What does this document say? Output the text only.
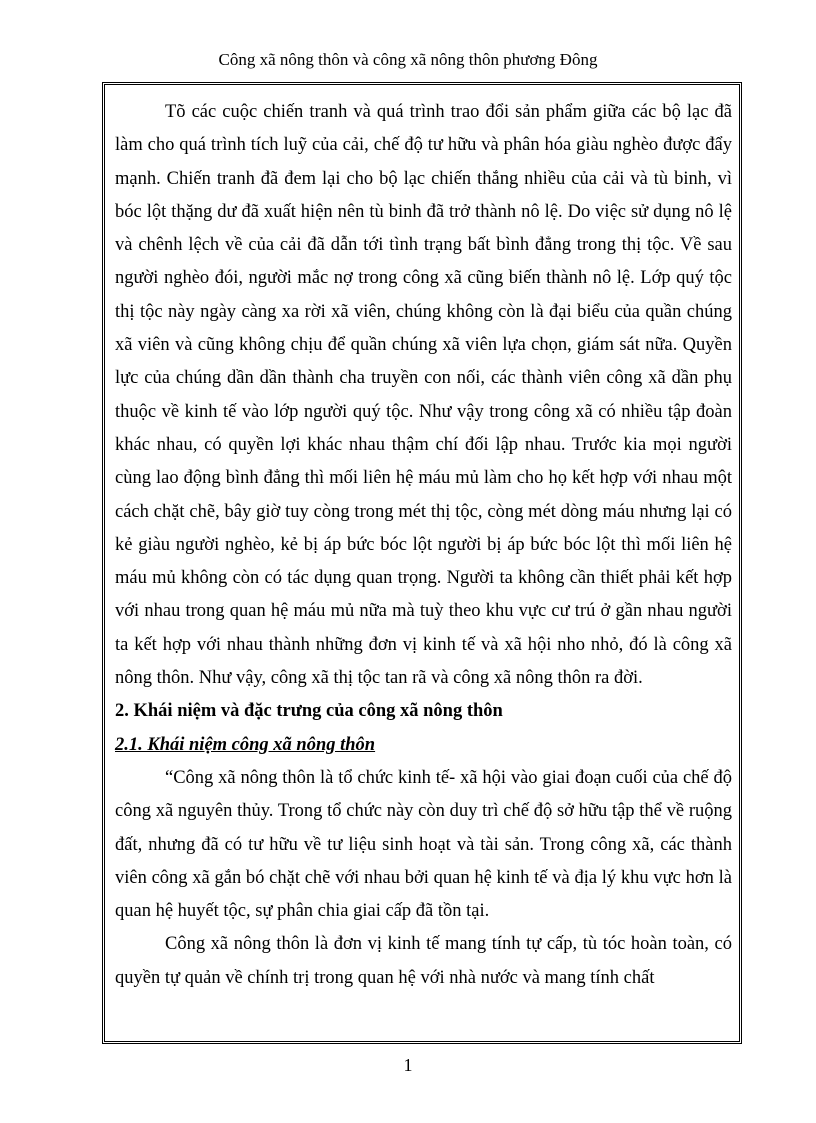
Công xã nông thôn và công xã nông thôn phương Đông

Tõ các cuộc chiến tranh và quá trình trao đổi sản phẩm giữa các bộ lạc đã làm cho quá trình tích luỹ của cải, chế độ tư hữu và phân hóa giàu nghèo được đẩy mạnh. Chiến tranh đã đem lại cho bộ lạc chiến thắng nhiều của cải và tù binh, vì bóc lột thặng dư đã xuất hiện nên tù binh đã trở thành nô lệ. Do việc sử dụng nô lệ và chênh lệch về của cải đã dẫn tới tình trạng bất bình đẳng trong thị tộc. Về sau người nghèo đói, người mắc nợ trong công xã cũng biến thành nô lệ. Lớp quý tộc thị tộc này ngày càng xa rời xã viên, chúng không còn là đại biểu của quần chúng xã viên và cũng không chịu để quần chúng xã viên lựa chọn, giám sát nữa. Quyền lực của chúng dần dần thành cha truyền con nối, các thành viên công xã dần phụ thuộc về kinh tế vào lớp người quý tộc. Như vậy trong công xã có nhiều tập đoàn khác nhau, có quyền lợi khác nhau thậm chí đối lập nhau. Trước kia mọi người cùng lao động bình đẳng thì mối liên hệ máu mủ làm cho họ kết hợp với nhau một cách chặt chẽ, bây giờ tuy còng trong mét thị tộc, còng mét dòng máu nhưng lại có kẻ giàu người nghèo, kẻ bị áp bức bóc lột người bị áp bức bóc lột thì mối liên hệ máu mủ không còn có tác dụng quan trọng. Người ta không cần thiết phải kết hợp với nhau trong quan hệ máu mủ nữa mà tuỳ theo khu vực cư trú ở gần nhau người ta kết hợp với nhau thành những đơn vị kinh tế và xã hội nho nhỏ, đó là công xã nông thôn. Như vậy, công xã thị tộc tan rã và công xã nông thôn ra đời.

2. Khái niệm và đặc trưng của công xã nông thôn

2.1. Khái niệm công xã nông thôn

“Công xã nông thôn là tổ chức kinh tế- xã hội vào giai đoạn cuối của chế độ công xã nguyên thủy. Trong tổ chức này còn duy trì chế độ sở hữu tập thể về ruộng đất, nhưng đã có tư hữu về tư liệu sinh hoạt và tài sản. Trong công xã, các thành viên công xã gắn bó chặt chẽ với nhau bởi quan hệ kinh tế và địa lý khu vực hơn là quan hệ huyết tộc, sự phân chia giai cấp đã tồn tại.

Công xã nông thôn là đơn vị kinh tế mang tính tự cấp, tù tóc hoàn toàn, có quyền tự quản về chính trị trong quan hệ với nhà nước và mang tính chất

1
